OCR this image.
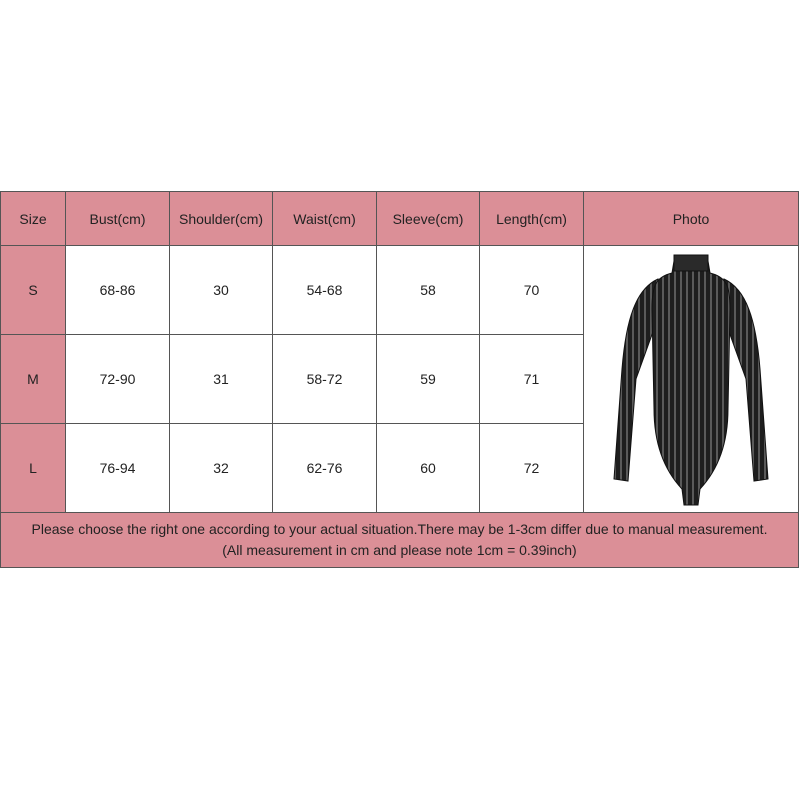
Size	Bust(cm)	Shoulder(cm)	Waist(cm)	Sleeve(cm)	Length(cm)	Photo
S	68-86	30	54-68	58	70	

M	72-90	31	58-72	59	71	
L	76-94	32	62-76	60	72	
Please choose the right one according to your actual situation.There may be 1-3cm differ due to manual measurement.(All measurement in cm and please note 1cm = 0.39inch)						
